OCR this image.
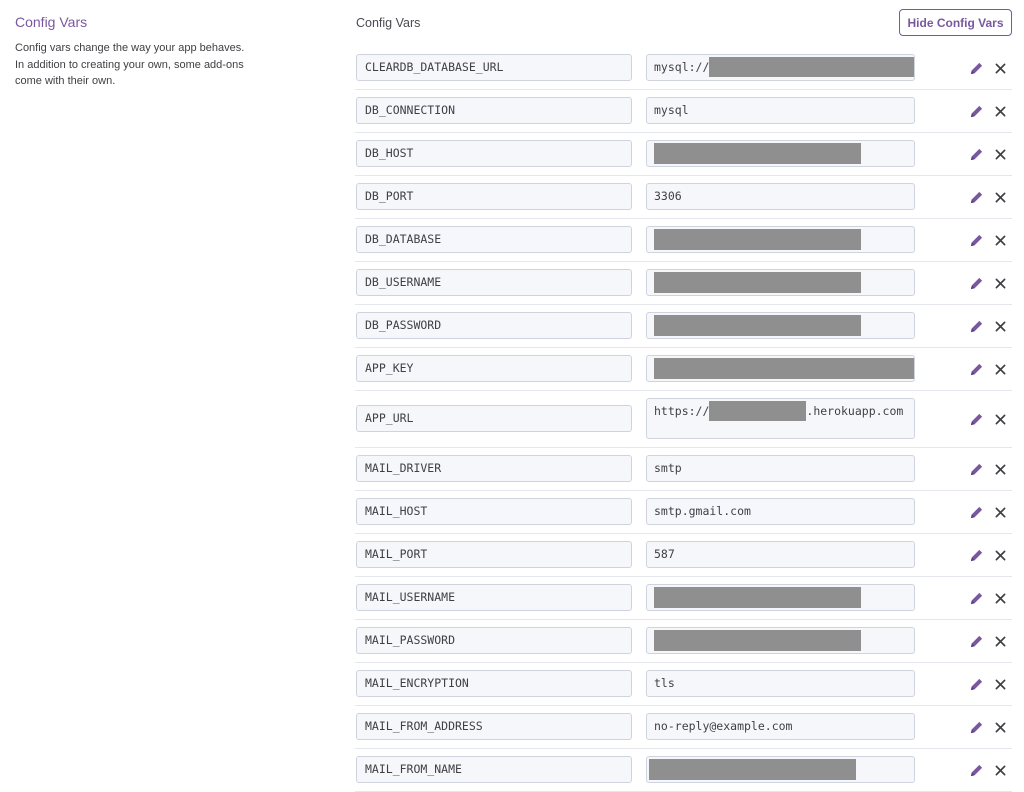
Config Vars
Config vars change the way your app behaves. In addition to creating your own, some add-ons come with their own.
Config Vars	Hide Config Vars
CLEARDB_DATABASE_URL	mysql://
DB_CONNECTION	mysql
DB_HOST
DB_PORT	3306
DB_DATABASE
DB_USERNAME
DB_PASSWORD
APP_KEY
APP_URL	https://	.herokuapp.com
MAIL_DRIVER	smtp
MAIL_HOST	smtp.gmail.com
MAIL_PORT	587
MAIL_USERNAME
MAIL_PASSWORD
MAIL_ENCRYPTION	tls
MAIL_FROM_ADDRESS	no-reply@example.com
MAIL_FROM_NAME
